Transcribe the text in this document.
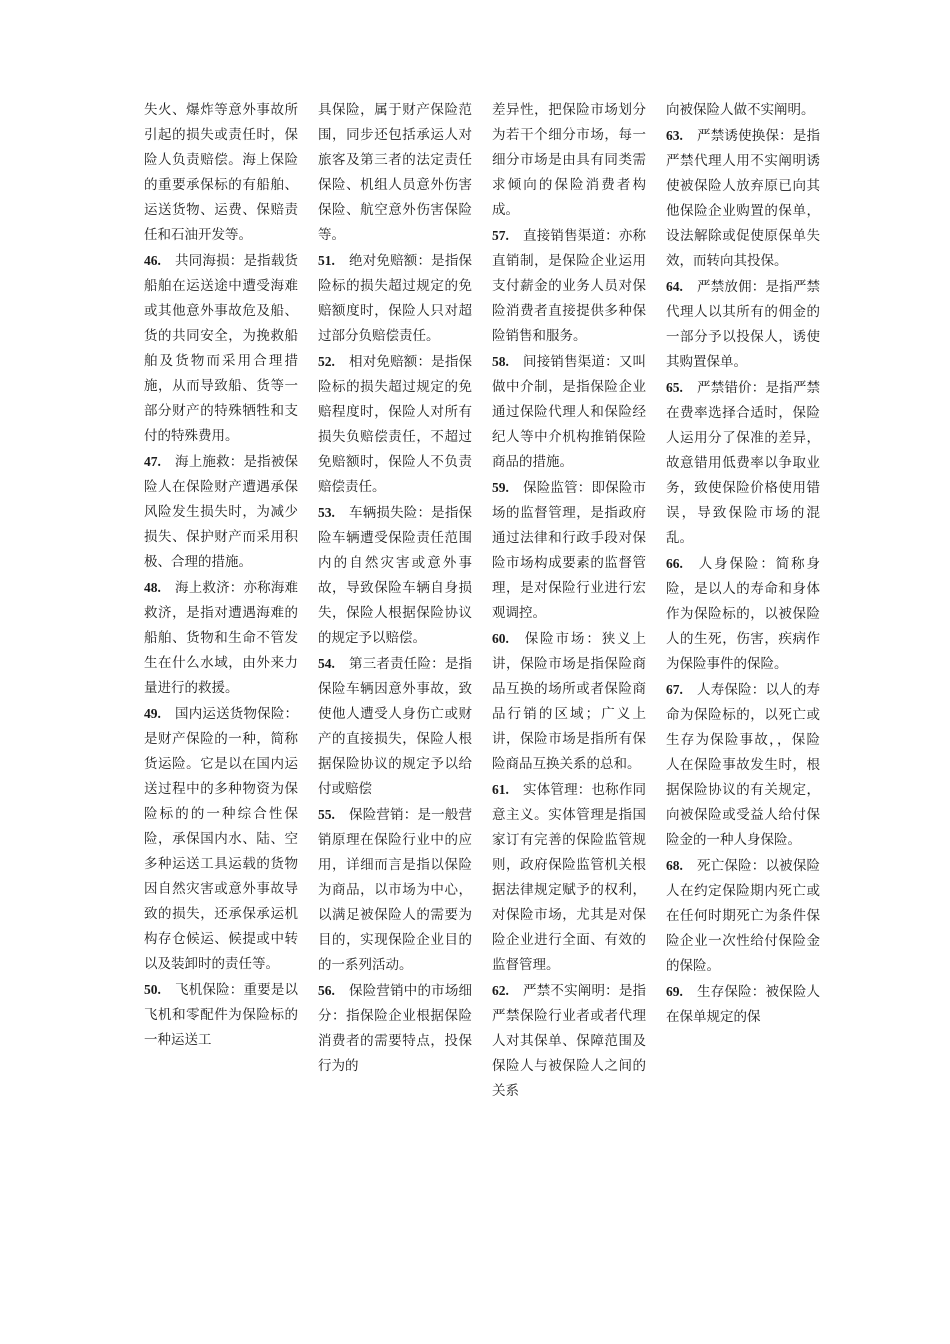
失火、爆炸等意外事故所引起的损失或责任时，保险人负责赔偿。海上保险的重要承保标的有船舶、运送货物、运费、保赔责任和石油开发等。
46. 共同海损：是指载货船舶在运送途中遭受海难或其他意外事故危及船、货的共同安全，为挽救船舶及货物而采用合理措施，从而导致船、货等一部分财产的特殊牺牲和支付的特殊费用。
47. 海上施救：是指被保险人在保险财产遭遇承保风险发生损失时，为减少损失、保护财产而采用积极、合理的措施。
48. 海上救济：亦称海难救济，是指对遭遇海难的船舶、货物和生命不管发生在什么水域，由外来力量进行的救援。
49. 国内运送货物保险：是财产保险的一种，简称货运险。它是以在国内运送过程中的多种物资为保险标的的一种综合性保险，承保国内水、陆、空多种运送工具运载的货物因自然灾害或意外事故导致的损失，还承保承运机构存仓候运、候提或中转以及装卸时的责任等。
50. 飞机保险：重要是以飞机和零配件为保险标的一种运送工
具保险，属于财产保险范围，同步还包括承运人对旅客及第三者的法定责任保险、机组人员意外伤害保险、航空意外伤害保险等。
51. 绝对免赔额：是指保险标的损失超过规定的免赔额度时，保险人只对超过部分负赔偿责任。
52. 相对免赔额：是指保险标的损失超过规定的免赔程度时，保险人对所有损失负赔偿责任，不超过免赔额时，保险人不负责赔偿责任。
53. 车辆损失险：是指保险车辆遭受保险责任范围内的自然灾害或意外事故，导致保险车辆自身损失，保险人根据保险协议的规定予以赔偿。
54. 第三者责任险：是指保险车辆因意外事故，致使他人遭受人身伤亡或财产的直接损失，保险人根据保险协议的规定予以给付或赔偿
55. 保险营销：是一般营销原理在保险行业中的应用，详细而言是指以保险为商品，以市场为中心，以满足被保险人的需要为目的，实现保险企业目的的一系列活动。
56. 保险营销中的市场细分：指保险企业根据保险消费者的需要特点，投保行为的
差异性，把保险市场划分为若干个细分市场，每一细分市场是由具有同类需求倾向的保险消费者构成。
57. 直接销售渠道：亦称直销制，是保险企业运用支付薪金的业务人员对保险消费者直接提供多种保险销售和服务。
58. 间接销售渠道：又叫做中介制，是指保险企业通过保险代理人和保险经纪人等中介机构推销保险商品的措施。
59. 保险监管：即保险市场的监督管理，是指政府通过法律和行政手段对保险市场构成要素的监督管理，是对保险行业进行宏观调控。
60. 保险市场：狭义上讲，保险市场是指保险商品互换的场所或者保险商品行销的区域；广义上讲，保险市场是指所有保险商品互换关系的总和。
61. 实体管理：也称作同意主义。实体管理是指国家订有完善的保险监管规则，政府保险监管机关根据法律规定赋予的权利，对保险市场，尤其是对保险企业进行全面、有效的监督管理。
62. 严禁不实阐明：是指严禁保险行业者或者代理人对其保单、保障范围及保险人与被保险人之间的关系
向被保险人做不实阐明。
63. 严禁诱使换保：是指严禁代理人用不实阐明诱使被保险人放弃原已向其他保险企业购置的保单，设法解除或促使原保单失效，而转向其投保。
64. 严禁放佣：是指严禁代理人以其所有的佣金的一部分予以投保人，诱使其购置保单。
65. 严禁错价：是指严禁在费率选择合适时，保险人运用分了保准的差异，故意错用低费率以争取业务，致使保险价格使用错误，导致保险市场的混乱。
66. 人身保险：简称身险，是以人的寿命和身体作为保险标的，以被保险人的生死，伤害，疾病作为保险事件的保险。
67. 人寿保险：以人的寿命为保险标的，以死亡或生存为保险事故，，保险人在保险事故发生时，根据保险协议的有关规定，向被保险或受益人给付保险金的一种人身保险。
68. 死亡保险：以被保险人在约定保险期内死亡或在任何时期死亡为条件保险企业一次性给付保险金的保险。
69. 生存保险：被保险人在保单规定的保
